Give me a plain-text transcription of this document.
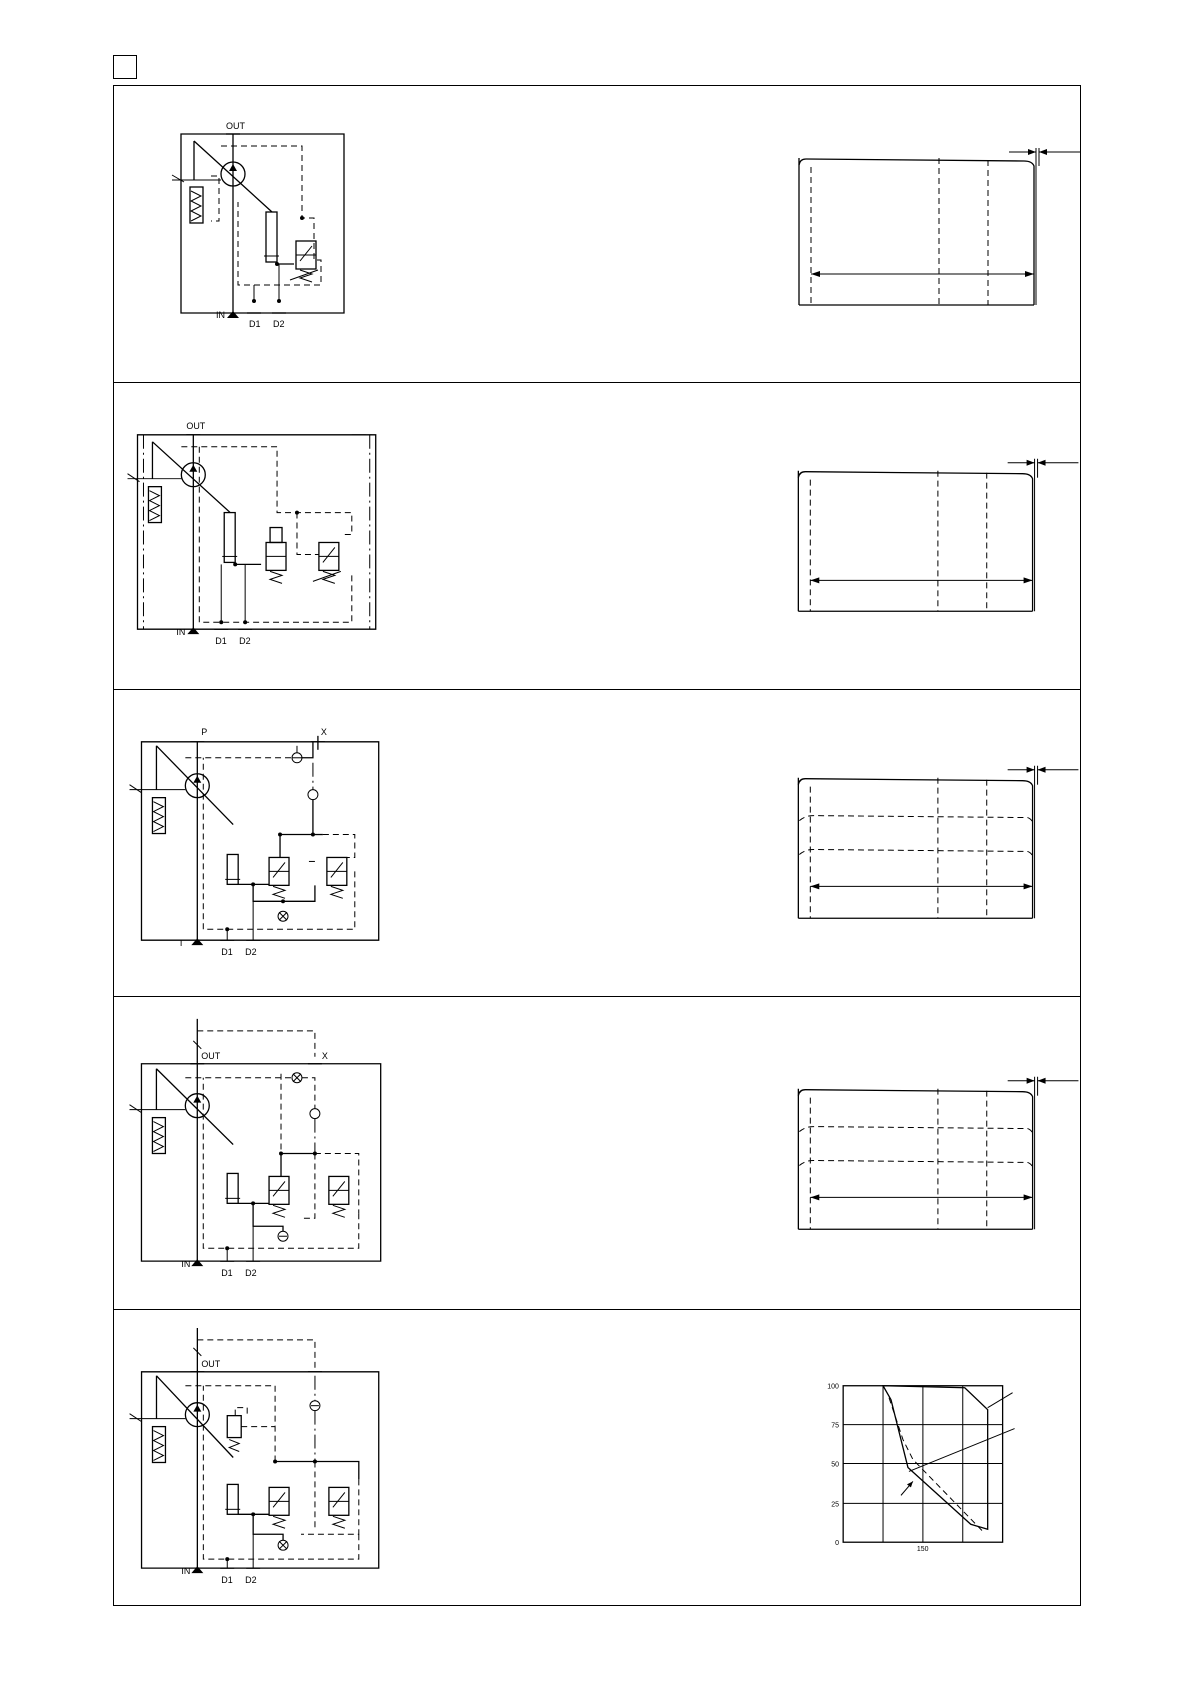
OUT
IN
D1 D2
OUT
IN
D1 D2
P	X
T
D1 D2
OUT	X
IN
D1 D2
OUT
IN
D1 D2
100
75
50
25
0
150
